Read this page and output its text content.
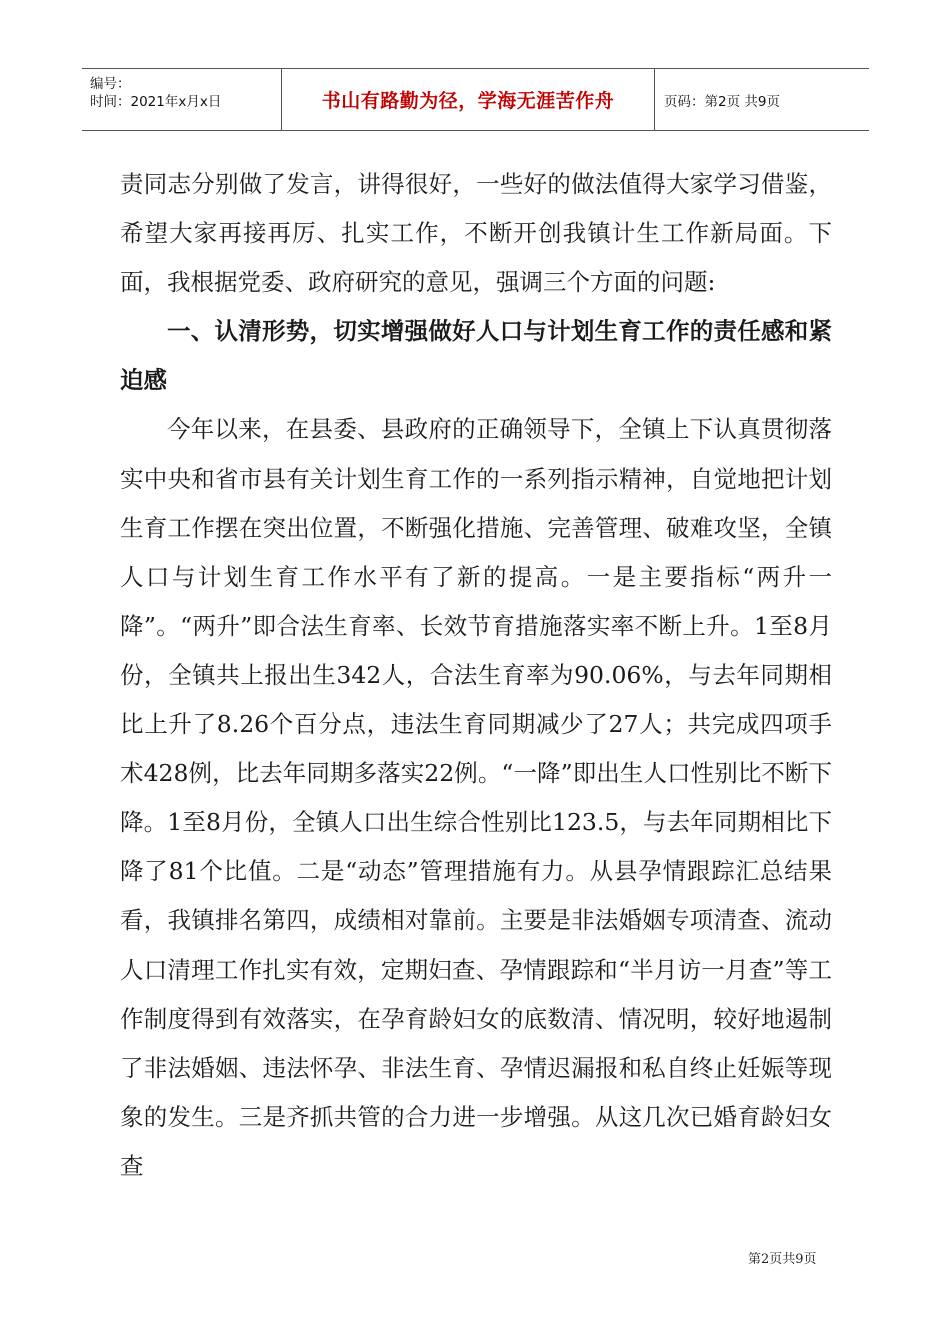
编号：
时间：2021年x月x日	书山有路勤为径，学海无涯苦作舟	页码：第2页 共9页

责同志分别做了发言，讲得很好，一些好的做法值得大家学习借鉴，希望大家再接再厉、扎实工作，不断开创我镇计生工作新局面。下面，我根据党委、政府研究的意见，强调三个方面的问题:

一、认清形势，切实增强做好人口与计划生育工作的责任感和紧迫感

今年以来，在县委、县政府的正确领导下，全镇上下认真贯彻落实中央和省市县有关计划生育工作的一系列指示精神，自觉地把计划生育工作摆在突出位置，不断强化措施、完善管理、破难攻坚，全镇人口与计划生育工作水平有了新的提高。一是主要指标“两升一降”。“两升”即合法生育率、长效节育措施落实率不断上升。1至8月份，全镇共上报出生342人，合法生育率为90.06%，与去年同期相比上升了8.26个百分点，违法生育同期减少了27人；共完成四项手术428例，比去年同期多落实22例。“一降”即出生人口性别比不断下降。1至8月份，全镇人口出生综合性别比123.5，与去年同期相比下降了81个比值。二是“动态”管理措施有力。从县孕情跟踪汇总结果看，我镇排名第四，成绩相对靠前。主要是非法婚姻专项清查、流动人口清理工作扎实有效，定期妇查、孕情跟踪和“半月访一月查”等工作制度得到有效落实，在孕育龄妇女的底数清、情况明，较好地遏制了非法婚姻、违法怀孕、非法生育、孕情迟漏报和私自终止妊娠等现象的发生。三是齐抓共管的合力进一步增强。从这几次已婚育龄妇女查

第2页共9页
